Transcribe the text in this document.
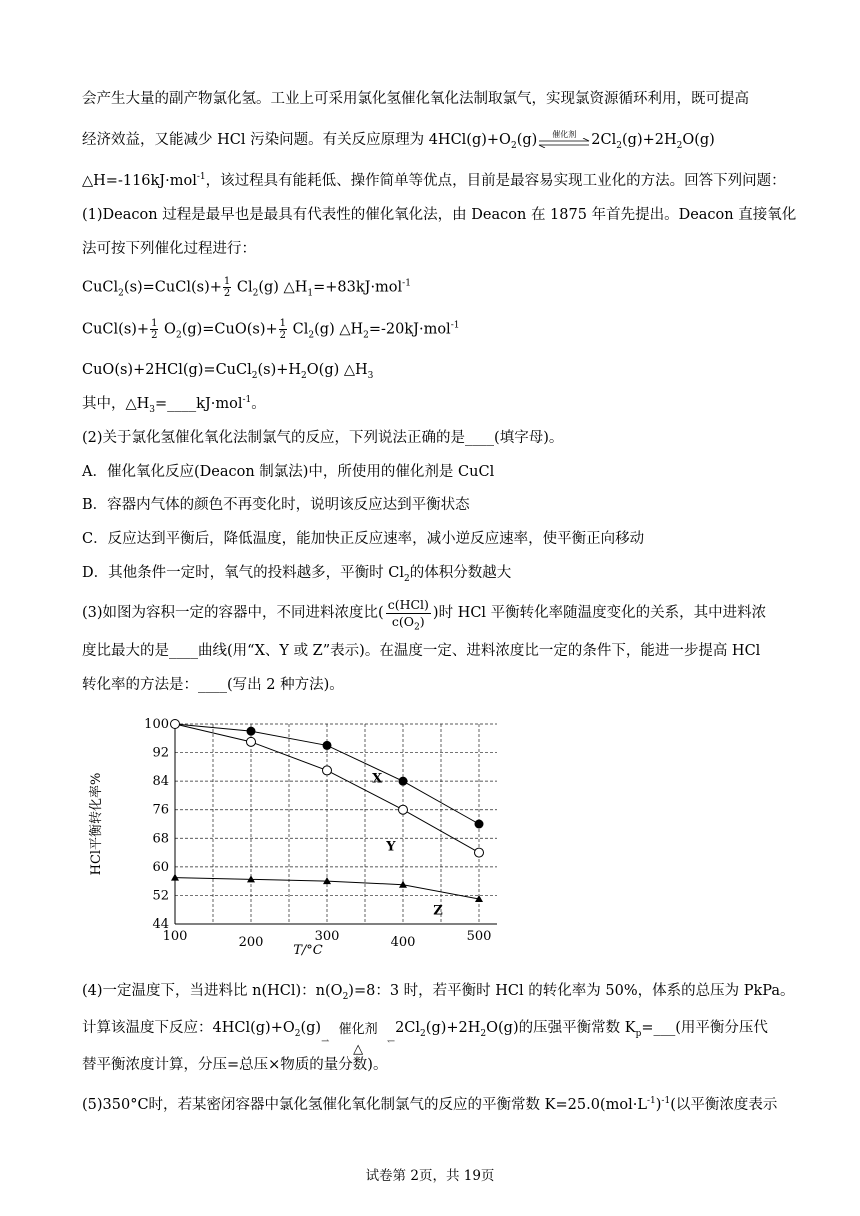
会产生大量的副产物氯化氢。工业上可采用氯化氢催化氧化法制取氯气，实现氯资源循环利用，既可提高
经济效益，又能减少 HCl 污染问题。有关反应原理为 $4HCl(g)+O_2(g)$	催化剂	$2Cl_2(g)+2H_2O(g)$
△H=-116kJ·mol$^{-1}$，该过程具有能耗低、操作简单等优点，目前是最容易实现工业化的方法。回答下列问题：
(1)Deacon 过程是最早也是最具有代表性的催化氧化法，由 Deacon 在 1875 年首先提出。Deacon 直接氧化
法可按下列催化过程进行：
CuCl$_2$(s)=CuCl(s)+ $\frac{1}{2} Cl_2(g)$ $\triangle H_1=+83kJ\cdot mol^{-1}$
CuCl(s)+ $\frac{1}{2} O_2(g)=CuO(s)+ \frac{1}{2} Cl_2(g)$ $\triangle H_2=-20kJ\cdot mol^{-1}$
$CuO(s)+2HCl(g)=CuCl_2(s)+H_2O(g)$ $\triangle H_3$
其中，$\triangle H_3=\_\_\_\_kJ\cdot mol^{-1}$。
(2)关于氯化氢催化氧化法制氯气的反应，下列说法正确的是____(填字母)。
A．催化氧化反应(Deacon 制氯法)中，所使用的催化剂是 CuCl
B．容器内气体的颜色不再变化时，说明该反应达到平衡状态
C．反应达到平衡后，降低温度，能加快正反应速率，减小逆反应速率，使平衡正向移动
D．其他条件一定时，氧气的投料越多，平衡时 $Cl_2$的体积分数越大
(3)如图为容积一定的容器中，不同进料浓度比(
c(HCl)
$c(O_2)$ )时 HCl 平衡转化率随温度变化的关系，其中进料浓
度比最大的是____曲线(用“X、Y 或 Z”表示)。在温度一定、进料浓度比一定的条件下，能进一步提高 HCl
转化率的方法是：____(写出 2 种方法)。
100
92
84
76
68
60
52
44
100	200	300	400	500
HCl平衡转化率%
T/°C
X
Y
Z
(4)一定温度下，当进料比 n(HCl)：$n(O_2)=8$：3 时，若平衡时 HCl 的转化率为 50%，体系的总压为 PkPa。
计算该温度下反应：$4HCl(g)+O_2(g)$	催化剂
△
⇀	↽
$2Cl_2(g)+2H_2O(g)$的压强平衡常数 $K_p=\_\_\_$(用平衡分压代
替平衡浓度计算，分压=总压×物质的量分数)。
(5)350°C时，若某密闭容器中氯化氢催化氧化制氯气的反应的平衡常数 $K=25.0(mol\cdot L^{-1})^{-1}$(以平衡浓度表示
试卷第 2页，共 19页
